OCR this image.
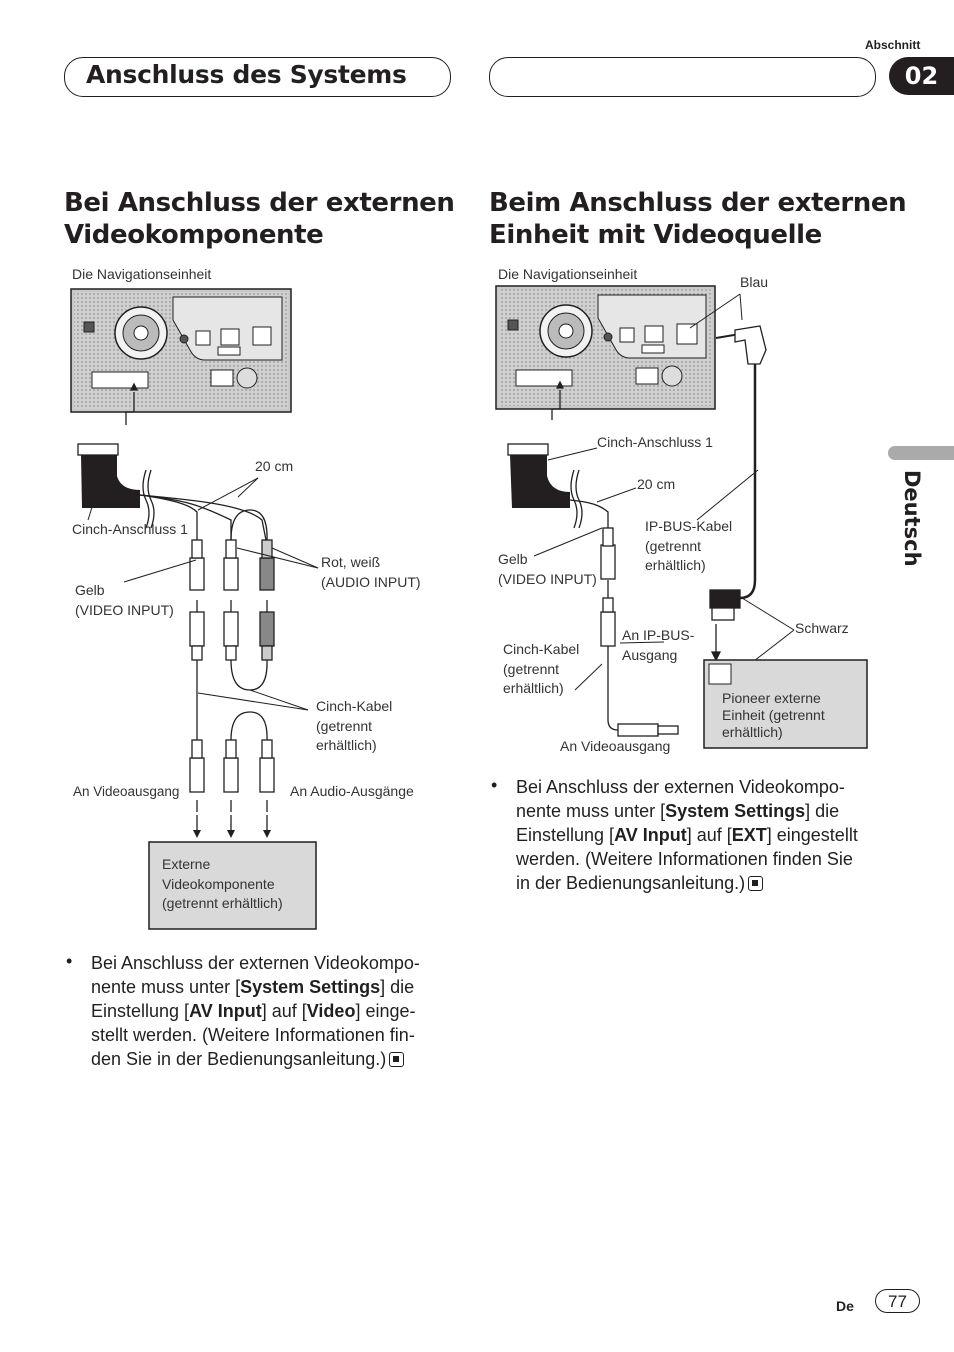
Abschnitt
Anschluss des Systems	02
Deutsch
Bei Anschluss der externen
Videokomponente
Beim Anschluss der externen
Einheit mit Videoquelle
Die Navigationseinheit
20 cm
Cinch-Anschluss 1
Rot, weiß
(AUDIO INPUT)
Gelb
(VIDEO INPUT)
Cinch-Kabel
(getrennt
erhältlich)
An Videoausgang	An Audio-Ausgänge
Externe
Videokomponente
(getrennt erhältlich)
Die Navigationseinheit	Blau
Cinch-Anschluss 1
20 cm
IP-BUS-Kabel
(getrennt
erhältlich)
Gelb
(VIDEO INPUT)
Schwarz
Cinch-Kabel
(getrennt
erhältlich)
An IP-BUS-
Ausgang
Pioneer externe
Einheit (getrennt
erhältlich)
An Videoausgang
• Bei Anschluss der externen Videokompo-
nente muss unter [System Settings] die
Einstellung [AV Input] auf [Video] einge-
stellt werden. (Weitere Informationen fin-
den Sie in der Bedienungsanleitung.)
• Bei Anschluss der externen Videokompo-
nente muss unter [System Settings] die
Einstellung [AV Input] auf [EXT] eingestellt
werden. (Weitere Informationen finden Sie
in der Bedienungsanleitung.)
De	77
